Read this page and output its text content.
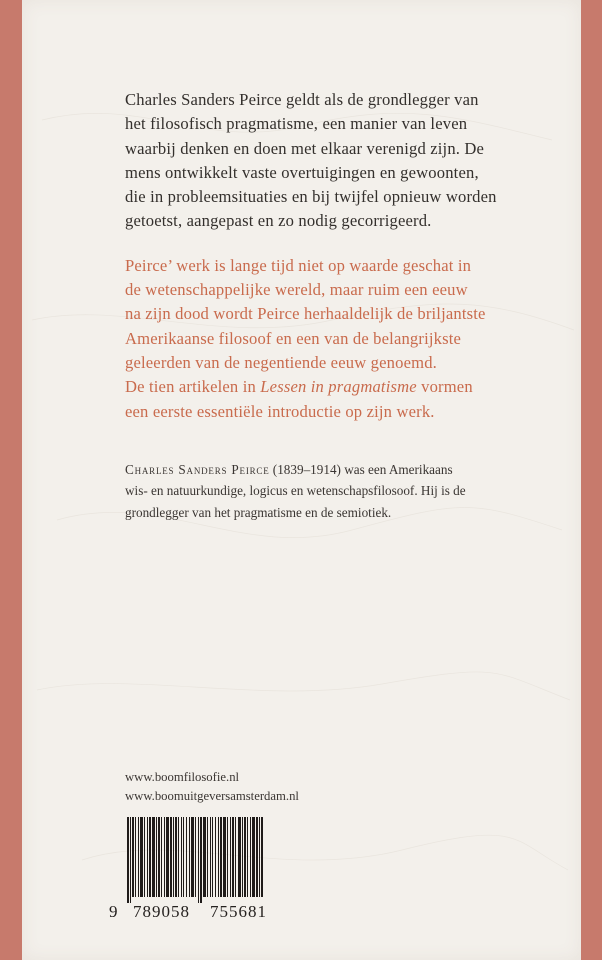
Charles Sanders Peirce geldt als de grondlegger van
het filosofisch pragmatisme, een manier van leven
waarbij denken en doen met elkaar verenigd zijn. De
mens ontwikkelt vaste overtuigingen en gewoonten,
die in probleemsituaties en bij twijfel opnieuw worden
getoetst, aangepast en zo nodig gecorrigeerd.

Peirce’ werk is lange tijd niet op waarde geschat in
de wetenschappelijke wereld, maar ruim een eeuw
na zijn dood wordt Peirce herhaaldelijk de briljantste
Amerikaanse filosoof en een van de belangrijkste
geleerden van de negentiende eeuw genoemd.
De tien artikelen in Lessen in pragmatisme vormen
een eerste essentiële introductie op zijn werk.

Charles Sanders Peirce (1839–1914) was een Amerikaans
wis- en natuurkundige, logicus en wetenschapsfilosoof. Hij is de
grondlegger van het pragmatisme en de semiotiek.

www.boomfilosofie.nl
www.boomuitgeversamsterdam.nl
9 789058 755681
